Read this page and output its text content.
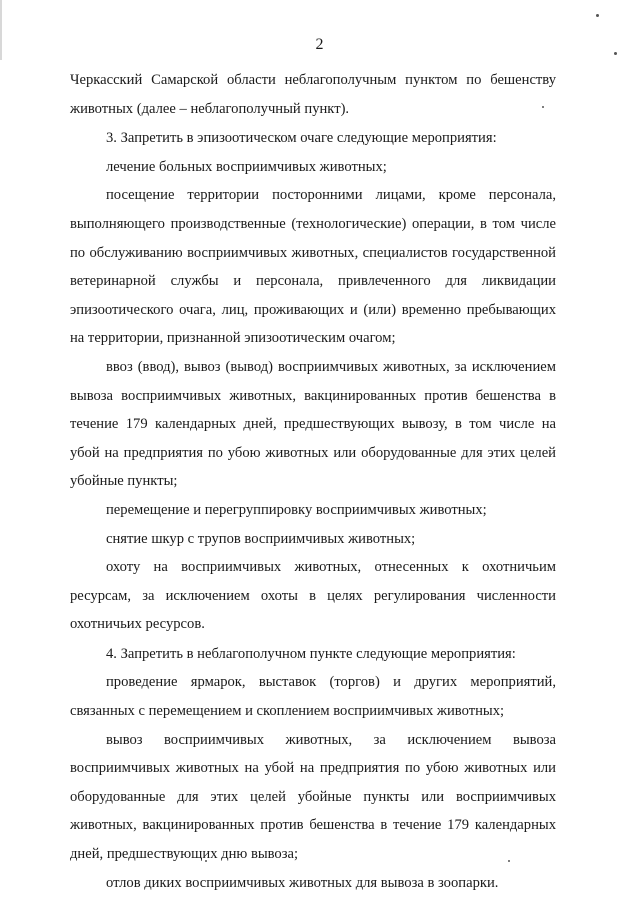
2

Черкасский Самарской области неблагополучным пунктом по бешенству животных (далее – неблагополучный пункт).

3. Запретить в эпизоотическом очаге следующие мероприятия:

лечение больных восприимчивых животных;

посещение территории посторонними лицами, кроме персонала, выполняющего производственные (технологические) операции, в том числе по обслуживанию восприимчивых животных, специалистов государственной ветеринарной службы и персонала, привлеченного для ликвидации эпизоотического очага, лиц, проживающих и (или) временно пребывающих на территории, признанной эпизоотическим очагом;

ввоз (ввод), вывоз (вывод) восприимчивых животных, за исключением вывоза восприимчивых животных, вакцинированных против бешенства в течение 179 календарных дней, предшествующих вывозу, в том числе на убой на предприятия по убою животных или оборудованные для этих целей убойные пункты;

перемещение и перегруппировку восприимчивых животных;

снятие шкур с трупов восприимчивых животных;

охоту на восприимчивых животных, отнесенных к охотничьим ресурсам, за исключением охоты в целях регулирования численности охотничьих ресурсов.

4. Запретить в неблагополучном пункте следующие мероприятия:

проведение ярмарок, выставок (торгов) и других мероприятий, связанных с перемещением и скоплением восприимчивых животных;

вывоз восприимчивых животных, за исключением вывоза восприимчивых животных на убой на предприятия по убою животных или оборудованные для этих целей убойные пункты или восприимчивых животных, вакцинированных против бешенства в течение 179 календарных дней, предшествующих дню вывоза;

отлов диких восприимчивых животных для вывоза в зоопарки.
